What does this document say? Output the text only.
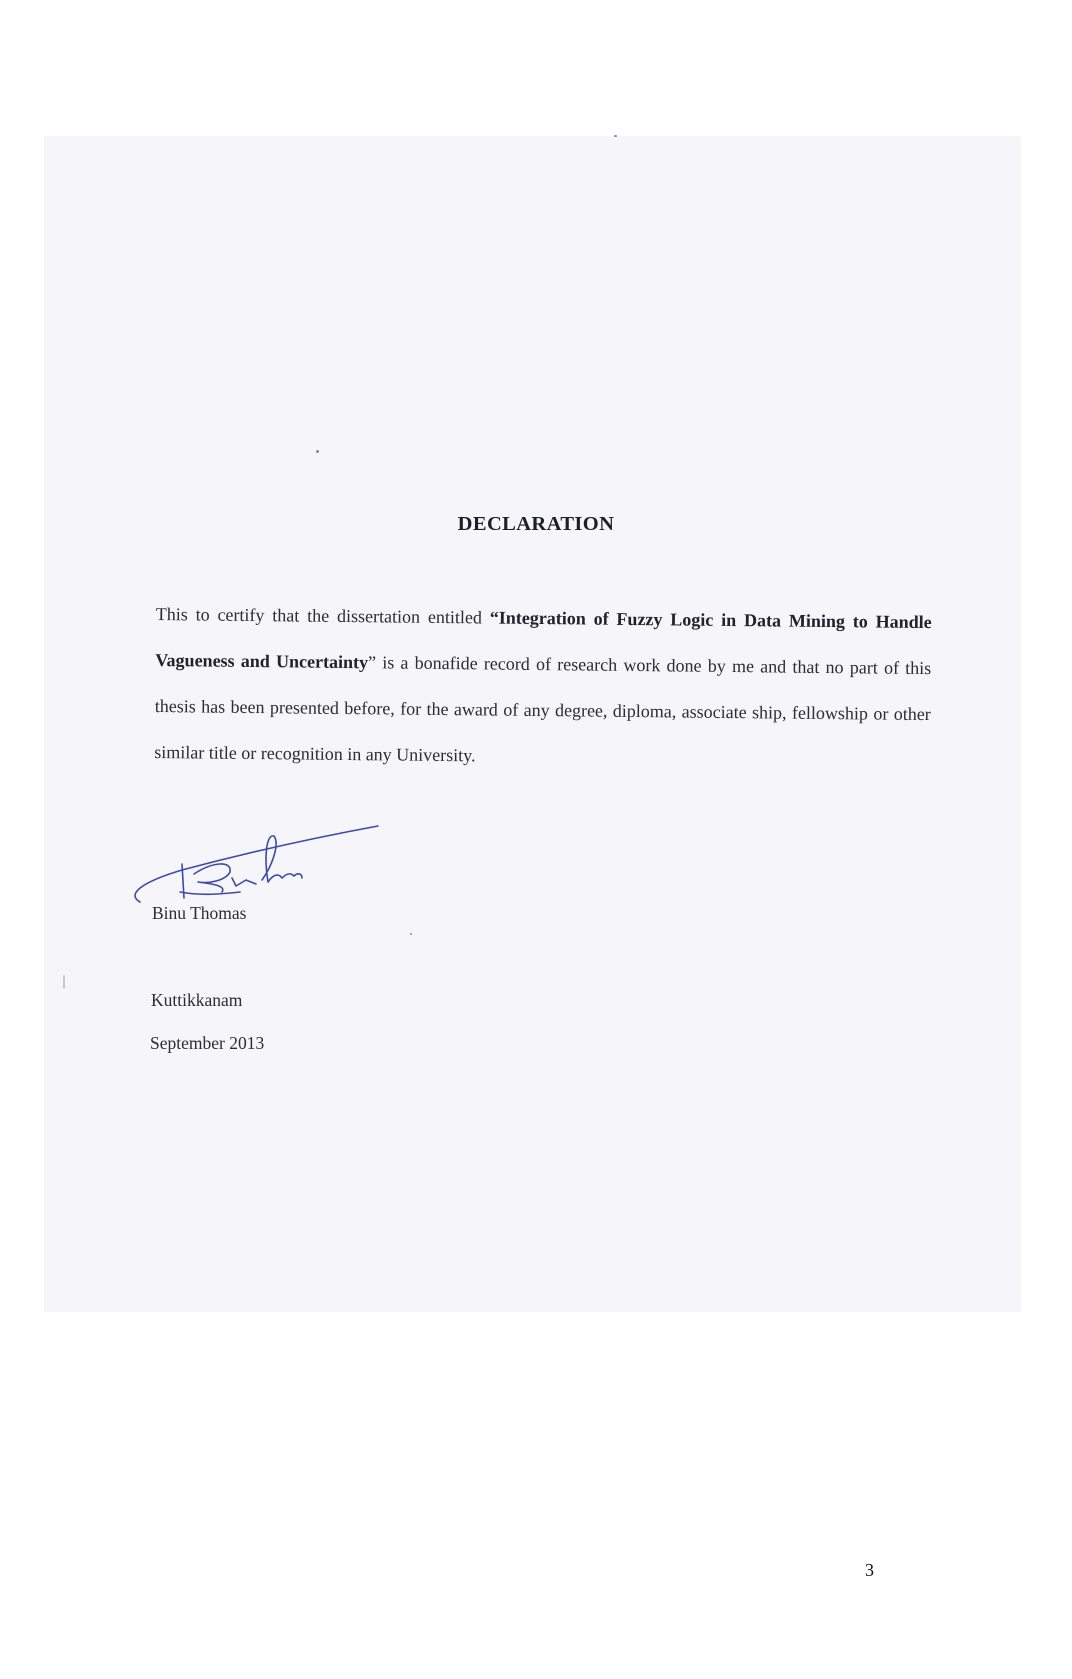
DECLARATION
This to certify that the dissertation entitled “Integration of Fuzzy Logic in Data Mining to Handle Vagueness and Uncertainty” is a bonafide record of research work done by me and that no part of this thesis has been presented before, for the award of any degree, diploma, associate ship, fellowship or other similar title or recognition in any University.
Binu Thomas
Kuttikkanam
September 2013
3
